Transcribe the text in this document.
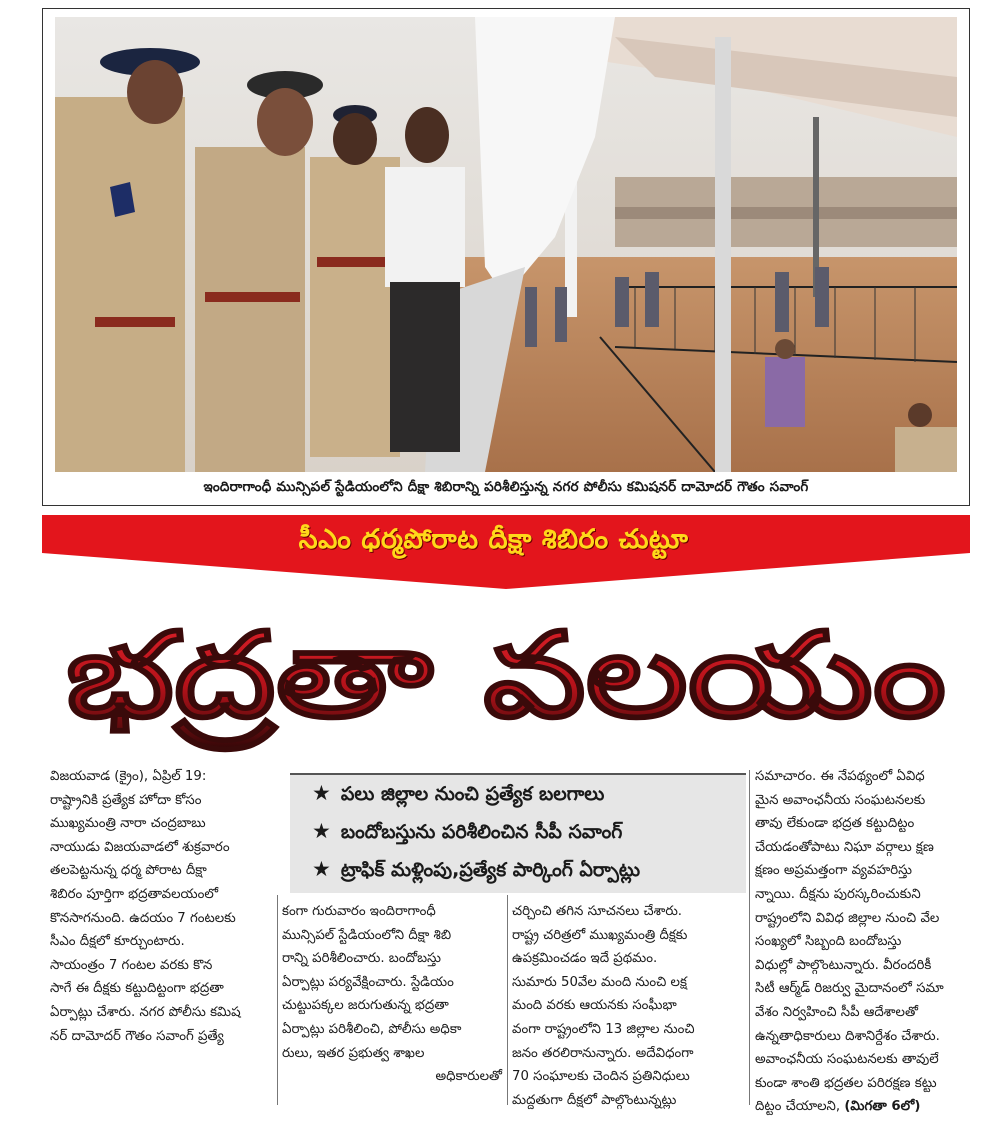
ఇందిరాగాంధీ మున్సిపల్ స్టేడియంలోని దీక్షా శిబిరాన్ని పరిశీలిస్తున్న నగర పోలీసు కమిషనర్ దామోదర్ గౌతం సవాంగ్
సీఎం ధర్మపోరాట దీక్షా శిబిరం చుట్టూ
భద్రతా వలయం
★ పలు జిల్లాల నుంచి ప్రత్యేక బలగాలు
★ బందోబస్తును పరిశీలించిన సీపీ సవాంగ్
★ ట్రాఫిక్ మళ్లింపు,ప్రత్యేక పార్కింగ్ ఏర్పాట్లు

విజయవాడ (క్రైం), ఏప్రిల్ 19:

రాష్ట్రానికి ప్రత్యేక హోదా కోసం

ముఖ్యమంత్రి నారా చంద్రబాబు

నాయుడు విజయవాడలో శుక్రవారం

తలపెట్టనున్న ధర్మ పోరాట దీక్షా

శిబిరం పూర్తిగా భద్రతావలయంలో

కొనసాగనుంది. ఉదయం 7 గంటలకు

సీఎం దీక్షలో కూర్చుంటారు.

సాయంత్రం 7 గంటల వరకు కొన

సాగే ఈ దీక్షకు కట్టుదిట్టంగా భద్రతా

ఏర్పాట్లు చేశారు. నగర పోలీసు కమిష

నర్ దామోదర్ గౌతం సవాంగ్ ప్రత్యే

కంగా గురువారం ఇందిరాగాంధీ

మున్సిపల్ స్టేడియంలోని దీక్షా శిబి

రాన్ని పరిశీలించారు. బందోబస్తు

ఏర్పాట్లు పర్యవేక్షించారు. స్టేడియం

చుట్టుపక్కల జరుగుతున్న భద్రతా

ఏర్పాట్లు పరిశీలించి, పోలీసు అధికా

రులు, ఇతర ప్రభుత్వ శాఖల

అధికారులతో

చర్చించి తగిన సూచనలు చేశారు.

రాష్ట్ర చరిత్రలో ముఖ్యమంత్రి దీక్షకు

ఉపక్రమించడం ఇదే ప్రథమం.

సుమారు 50వేల మంది నుంచి లక్ష

మంది వరకు ఆయనకు సంఘీభా

వంగా రాష్ట్రంలోని 13 జిల్లాల నుంచి

జనం తరలిరానున్నారు. అదేవిధంగా

70 సంఘాలకు చెందిన ప్రతినిధులు

మద్దతుగా దీక్షలో పాల్గొంటున్నట్లు

సమాచారం. ఈ నేపథ్యంలో ఏవిధ

మైన అవాంఛనీయ సంఘటనలకు

తావు లేకుండా భద్రత కట్టుదిట్టం

చేయడంతోపాటు నిఘా వర్గాలు క్షణ

క్షణం అప్రమత్తంగా వ్యవహరిస్తు

న్నాయి. దీక్షను పురస్కరించుకుని

రాష్ట్రంలోని వివిధ జిల్లాల నుంచి వేల

సంఖ్యలో సిబ్బంది బందోబస్తు

విధుల్లో పాల్గొంటున్నారు. వీరందరికీ

సిటీ ఆర్మ్‌డ్ రిజర్వు మైదానంలో సమా

వేశం నిర్వహించి సీపీ ఆదేశాలతో

ఉన్నతాధికారులు దిశానిర్దేశం చేశారు.

అవాంఛనీయ సంఘటనలకు తావులే

కుండా శాంతి భద్రతల పరిరక్షణ కట్టు

దిట్టం చేయాలని, (మిగతా 6లో)
